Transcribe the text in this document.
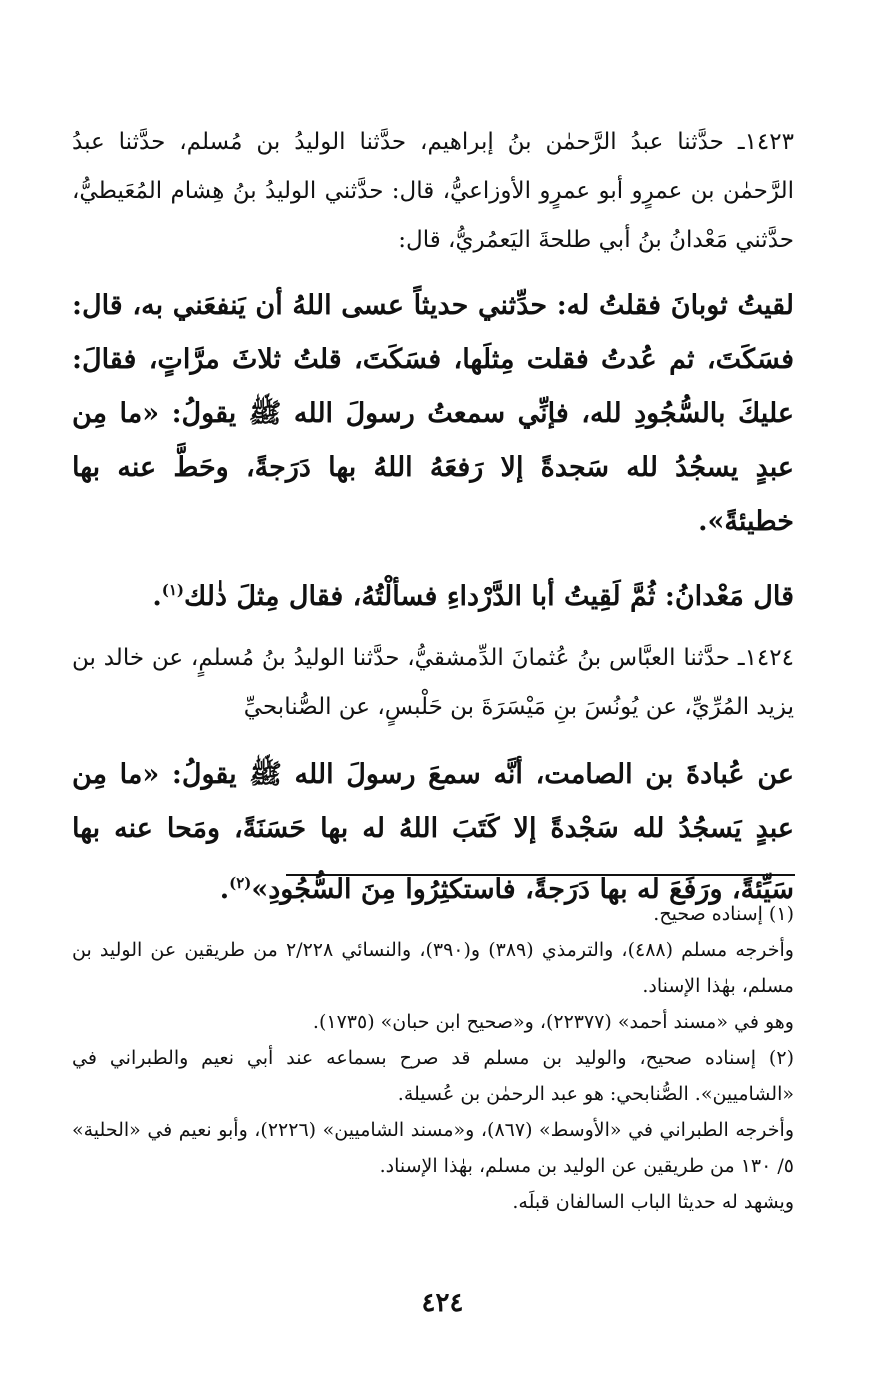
١٤٢٣ـ حدَّثنا عبدُ الرَّحمٰن بنُ إبراهيم، حدَّثنا الوليدُ بن مُسلم، حدَّثنا عبدُ الرَّحمٰن بن عمرٍو أبو عمرٍو الأوزاعيُّ، قال: حدَّثني الوليدُ بنُ هِشام المُعَيطيُّ، حدَّثني مَعْدانُ بنُ أبي طلحةَ اليَعمُريُّ، قال:

لقيتُ ثوبانَ فقلتُ له: حدِّثني حديثاً عسى اللهُ أن يَنفعَني به، قال: فسَكَتَ، ثم عُدتُ فقلت مِثلَها، فسَكَتَ، قلتُ ثلاثَ مرَّاتٍ، فقالَ: عليكَ بالسُّجُودِ لله، فإنِّي سمعتُ رسولَ الله ﷺ يقولُ: «ما مِن عبدٍ يسجُدُ لله سَجدةً إلا رَفعَهُ اللهُ بها دَرَجةً، وحَطَّ عنه بها خطيئةً».

قال مَعْدانُ: ثُمَّ لَقِيتُ أبا الدَّرْداءِ فسألْتُهُ، فقال مِثلَ ذٰلك$^{(١)}$.

١٤٢٤ـ حدَّثنا العبَّاس بنُ عُثمانَ الدِّمشقيُّ، حدَّثنا الوليدُ بنُ مُسلمٍ، عن خالد بن يزيد المُرِّيِّ، عن يُونُسَ بنِ مَيْسَرَةَ بن حَلْبسٍ، عن الصُّنابحيِّ

عن عُبادةَ بن الصامت، أنَّه سمعَ رسولَ الله ﷺ يقولُ: «ما مِن عبدٍ يَسجُدُ لله سَجْدةً إلا كَتَبَ اللهُ له بها حَسَنَةً، ومَحا عنه بها سَيِّئةً، ورَفَعَ له بها دَرَجةً، فاستكثِرُوا مِنَ السُّجُودِ»$^{(٢)}$.

(١) إسناده صحيح.

وأخرجه مسلم (٤٨٨)، والترمذي (٣٨٩) و(٣٩٠)، والنسائي ٢/٢٢٨ من طريقين عن الوليد بن مسلم، بهٰذا الإسناد.

وهو في «مسند أحمد» (٢٢٣٧٧)، و«صحيح ابن حبان» (١٧٣٥).

(٢) إسناده صحيح، والوليد بن مسلم قد صرح بسماعه عند أبي نعيم والطبراني في «الشاميين». الصُّنابحي: هو عبد الرحمٰن بن عُسيلة.

وأخرجه الطبراني في «الأوسط» (٨٦٧)، و«مسند الشاميين» (٢٢٢٦)، وأبو نعيم في «الحلية» ٥/ ١٣٠ من طريقين عن الوليد بن مسلم، بهٰذا الإسناد.

ويشهد له حديثا الباب السالفان قبلَه.

٤٢٤
